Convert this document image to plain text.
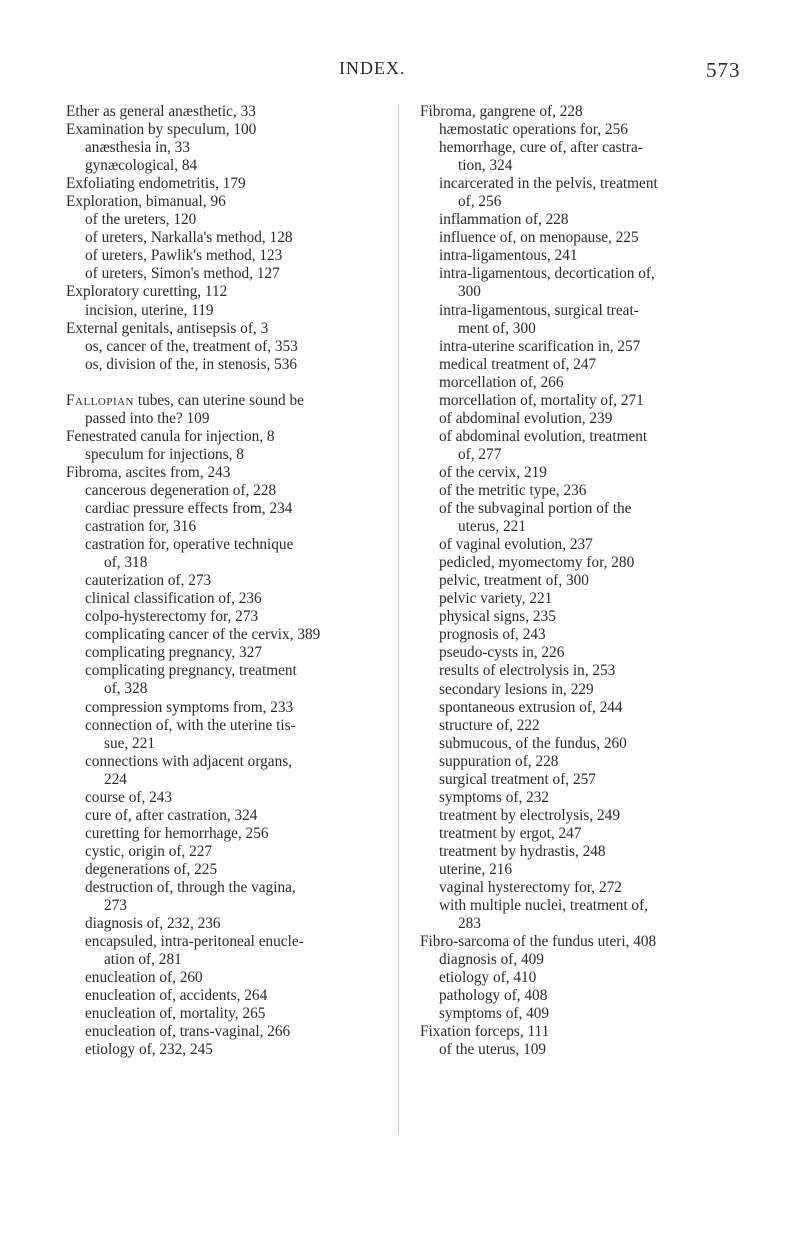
INDEX.	573
Ether as general anæsthetic, 33
Examination by speculum, 100
anæsthesia in, 33
gynæcological, 84
Exfoliating endometritis, 179
Exploration, bimanual, 96
of the ureters, 120
of ureters, Narkalla's method, 128
of ureters, Pawlik's method, 123
of ureters, Simon's method, 127
Exploratory curetting, 112
incision, uterine, 119
External genitals, antisepsis of, 3
os, cancer of the, treatment of, 353
os, division of the, in stenosis, 536
Fallopian tubes, can uterine sound be
passed into the? 109
Fenestrated canula for injection, 8
speculum for injections, 8
Fibroma, ascites from, 243
cancerous degeneration of, 228
cardiac pressure effects from, 234
castration for, 316
castration for, operative technique
of, 318
cauterization of, 273
clinical classification of, 236
colpo-hysterectomy for, 273
complicating cancer of the cervix, 389
complicating pregnancy, 327
complicating pregnancy, treatment
of, 328
compression symptoms from, 233
connection of, with the uterine tis-
sue, 221
connections with adjacent organs,
224
course of, 243
cure of, after castration, 324
curetting for hemorrhage, 256
cystic, origin of, 227
degenerations of, 225
destruction of, through the vagina,
273
diagnosis of, 232, 236
encapsuled, intra-peritoneal enucle-
ation of, 281
enucleation of, 260
enucleation of, accidents, 264
enucleation of, mortality, 265
enucleation of, trans-vaginal, 266
etiology of, 232, 245
Fibroma, gangrene of, 228
hæmostatic operations for, 256
hemorrhage, cure of, after castra-
tion, 324
incarcerated in the pelvis, treatment
of, 256
inflammation of, 228
influence of, on menopause, 225
intra-ligamentous, 241
intra-ligamentous, decortication of,
300
intra-ligamentous, surgical treat-
ment of, 300
intra-uterine scarification in, 257
medical treatment of, 247
morcellation of, 266
morcellation of, mortality of, 271
of abdominal evolution, 239
of abdominal evolution, treatment
of, 277
of the cervix, 219
of the metritic type, 236
of the subvaginal portion of the
uterus, 221
of vaginal evolution, 237
pedicled, myomectomy for, 280
pelvic, treatment of, 300
pelvic variety, 221
physical signs, 235
prognosis of, 243
pseudo-cysts in, 226
results of electrolysis in, 253
secondary lesions in, 229
spontaneous extrusion of, 244
structure of, 222
submucous, of the fundus, 260
suppuration of, 228
surgical treatment of, 257
symptoms of, 232
treatment by electrolysis, 249
treatment by ergot, 247
treatment by hydrastis, 248
uterine, 216
vaginal hysterectomy for, 272
with multiple nuclei, treatment of,
283
Fibro-sarcoma of the fundus uteri, 408
diagnosis of, 409
etiology of, 410
pathology of, 408
symptoms of, 409
Fixation forceps, 111
of the uterus, 109
